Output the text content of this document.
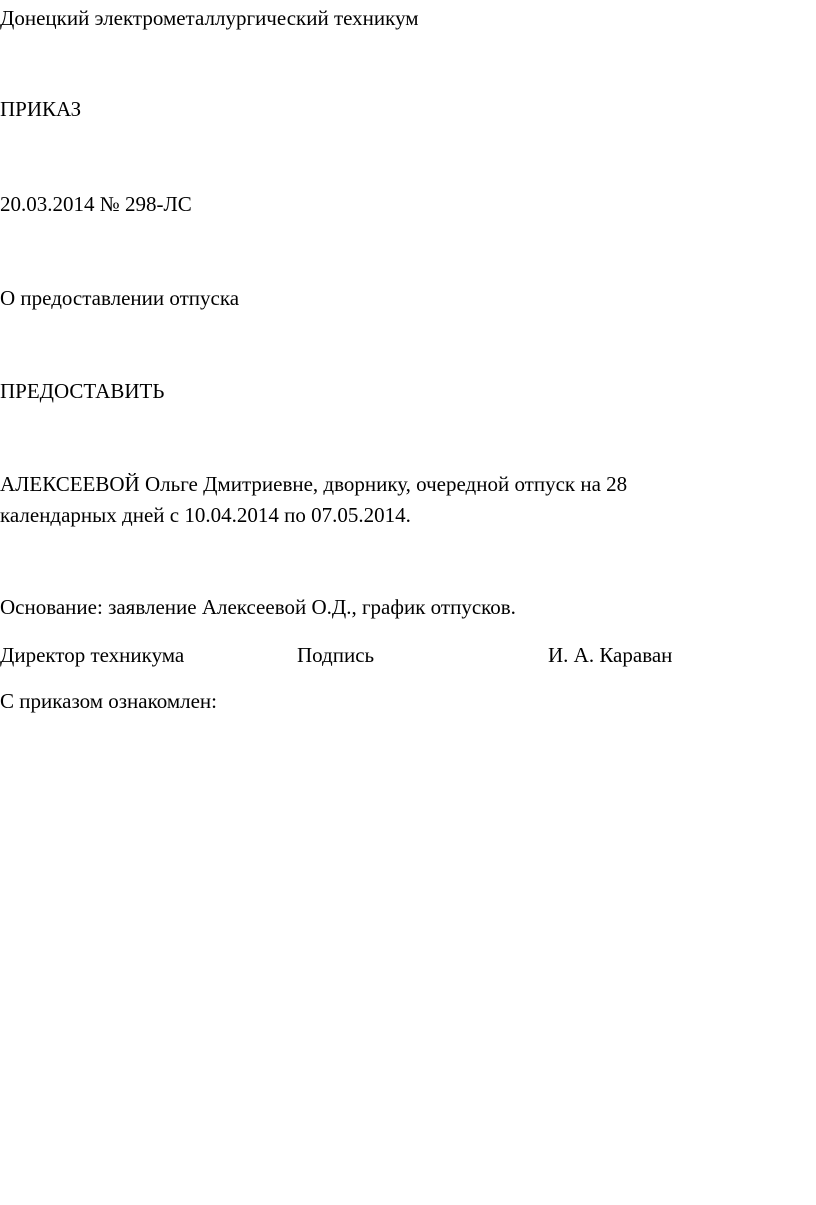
Донецкий электрометаллургический техникум
ПРИКАЗ
20.03.2014 № 298-ЛС
О предоставлении отпуска
ПРЕДОСТАВИТЬ
АЛЕКСЕЕВОЙ Ольге Дмитриевне, дворнику, очередной отпуск на 28
календарных дней с 10.04.2014 по 07.05.2014.
Основание: заявление Алексеевой О.Д., график отпусков.
Директор техникума	Подпись	И. А. Караван
С приказом ознакомлен:
